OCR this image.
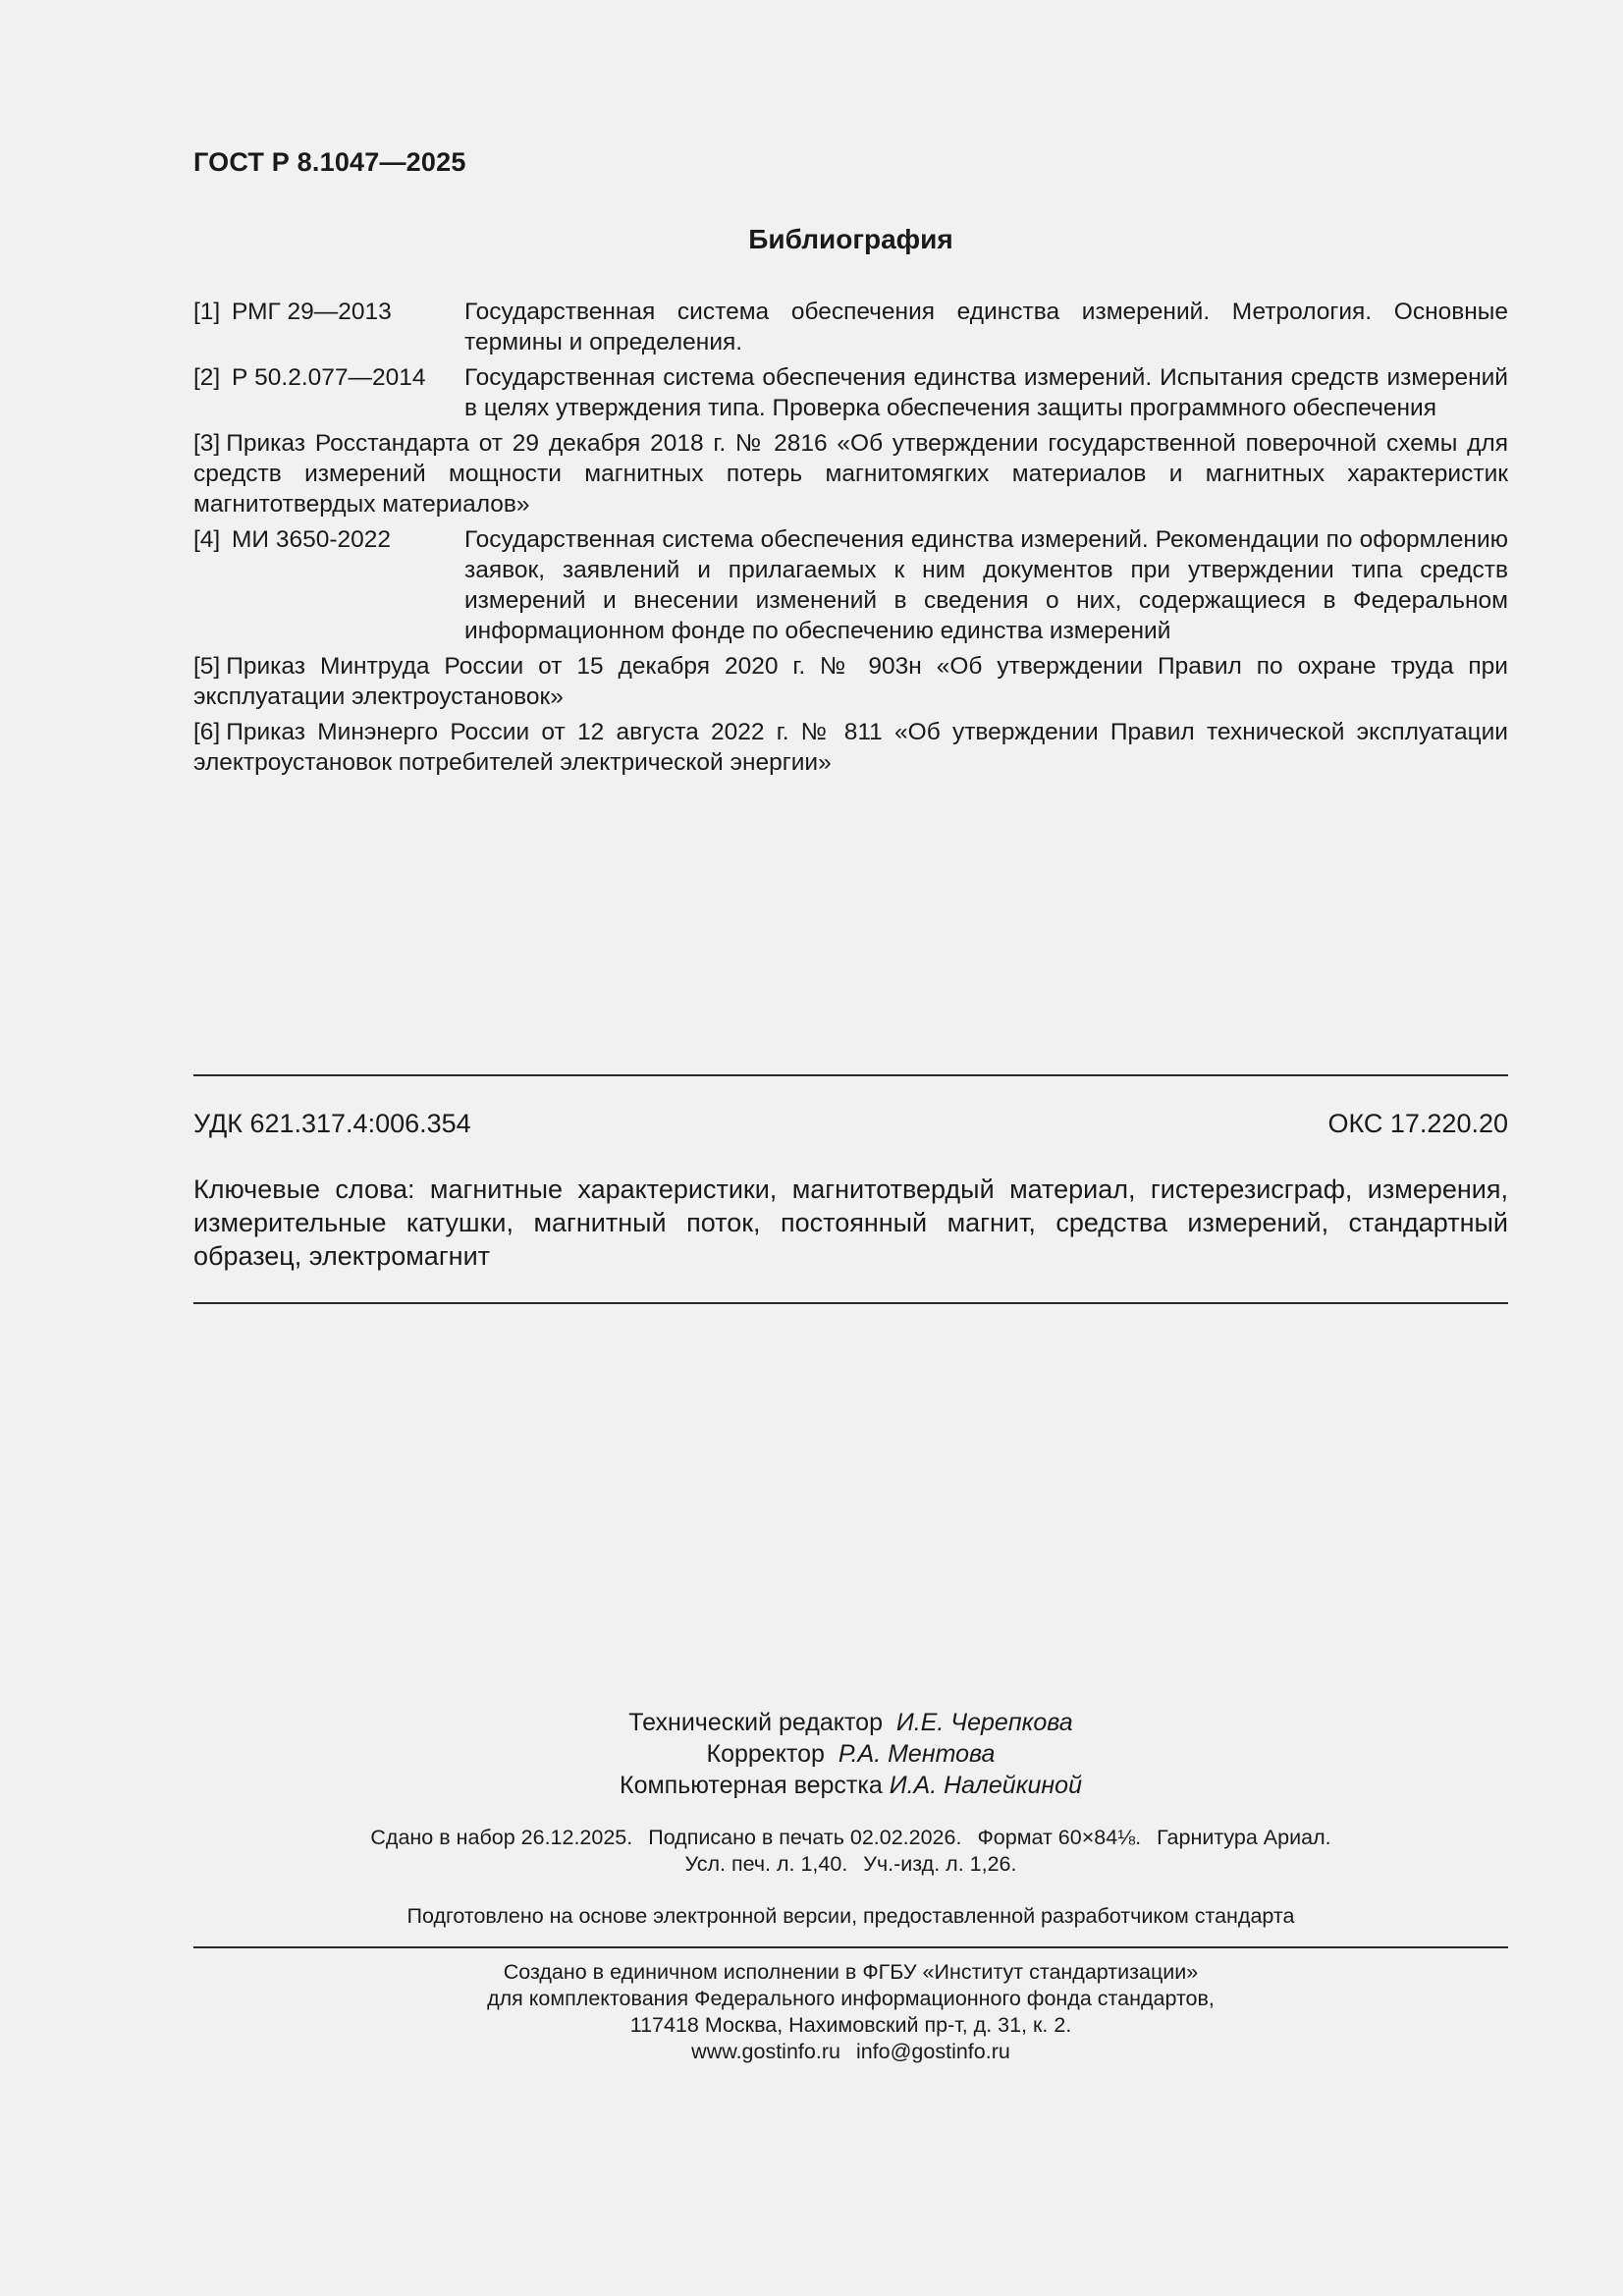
ГОСТ Р 8.1047—2025
Библиография
[1] РМГ 29—2013	Государственная система обеспечения единства измерений. Метрология. Основные термины и определения.
[2] Р 50.2.077—2014	Государственная система обеспечения единства измерений. Испытания средств измерений в целях утверждения типа. Проверка обеспечения защиты программного обеспечения
[3] Приказ Росстандарта от 29 декабря 2018 г. № 2816 «Об утверждении государственной поверочной схемы для средств измерений мощности магнитных потерь магнитомягких материалов и магнитных характеристик магнитотвердых материалов»
[4] МИ 3650-2022	Государственная система обеспечения единства измерений. Рекомендации по оформлению заявок, заявлений и прилагаемых к ним документов при утверждении типа средств измерений и внесении изменений в сведения о них, содержащиеся в Федеральном информационном фонде по обеспечению единства измерений
[5] Приказ Минтруда России от 15 декабря 2020 г. № 903н «Об утверждении Правил по охране труда при эксплуатации электроустановок»
[6] Приказ Минэнерго России от 12 августа 2022 г. № 811 «Об утверждении Правил технической эксплуатации электроустановок потребителей электрической энергии»
УДК 621.317.4:006.354	ОКС 17.220.20
Ключевые слова: магнитные характеристики, магнитотвердый материал, гистерезисграф, измерения, измерительные катушки, магнитный поток, постоянный магнит, средства измерений, стандартный образец, электромагнит
Технический редактор И.Е. Черепкова
Корректор Р.А. Ментова
Компьютерная верстка И.А. Налейкиной
Сдано в набор 26.12.2025. Подписано в печать 02.02.2026. Формат 60×84⅛. Гарнитура Ариал.
Усл. печ. л. 1,40. Уч.-изд. л. 1,26.
Подготовлено на основе электронной версии, предоставленной разработчиком стандарта
Создано в единичном исполнении в ФГБУ «Институт стандартизации»
для комплектования Федерального информационного фонда стандартов,
117418 Москва, Нахимовский пр-т, д. 31, к. 2.
www.gostinfo.ru info@gostinfo.ru
